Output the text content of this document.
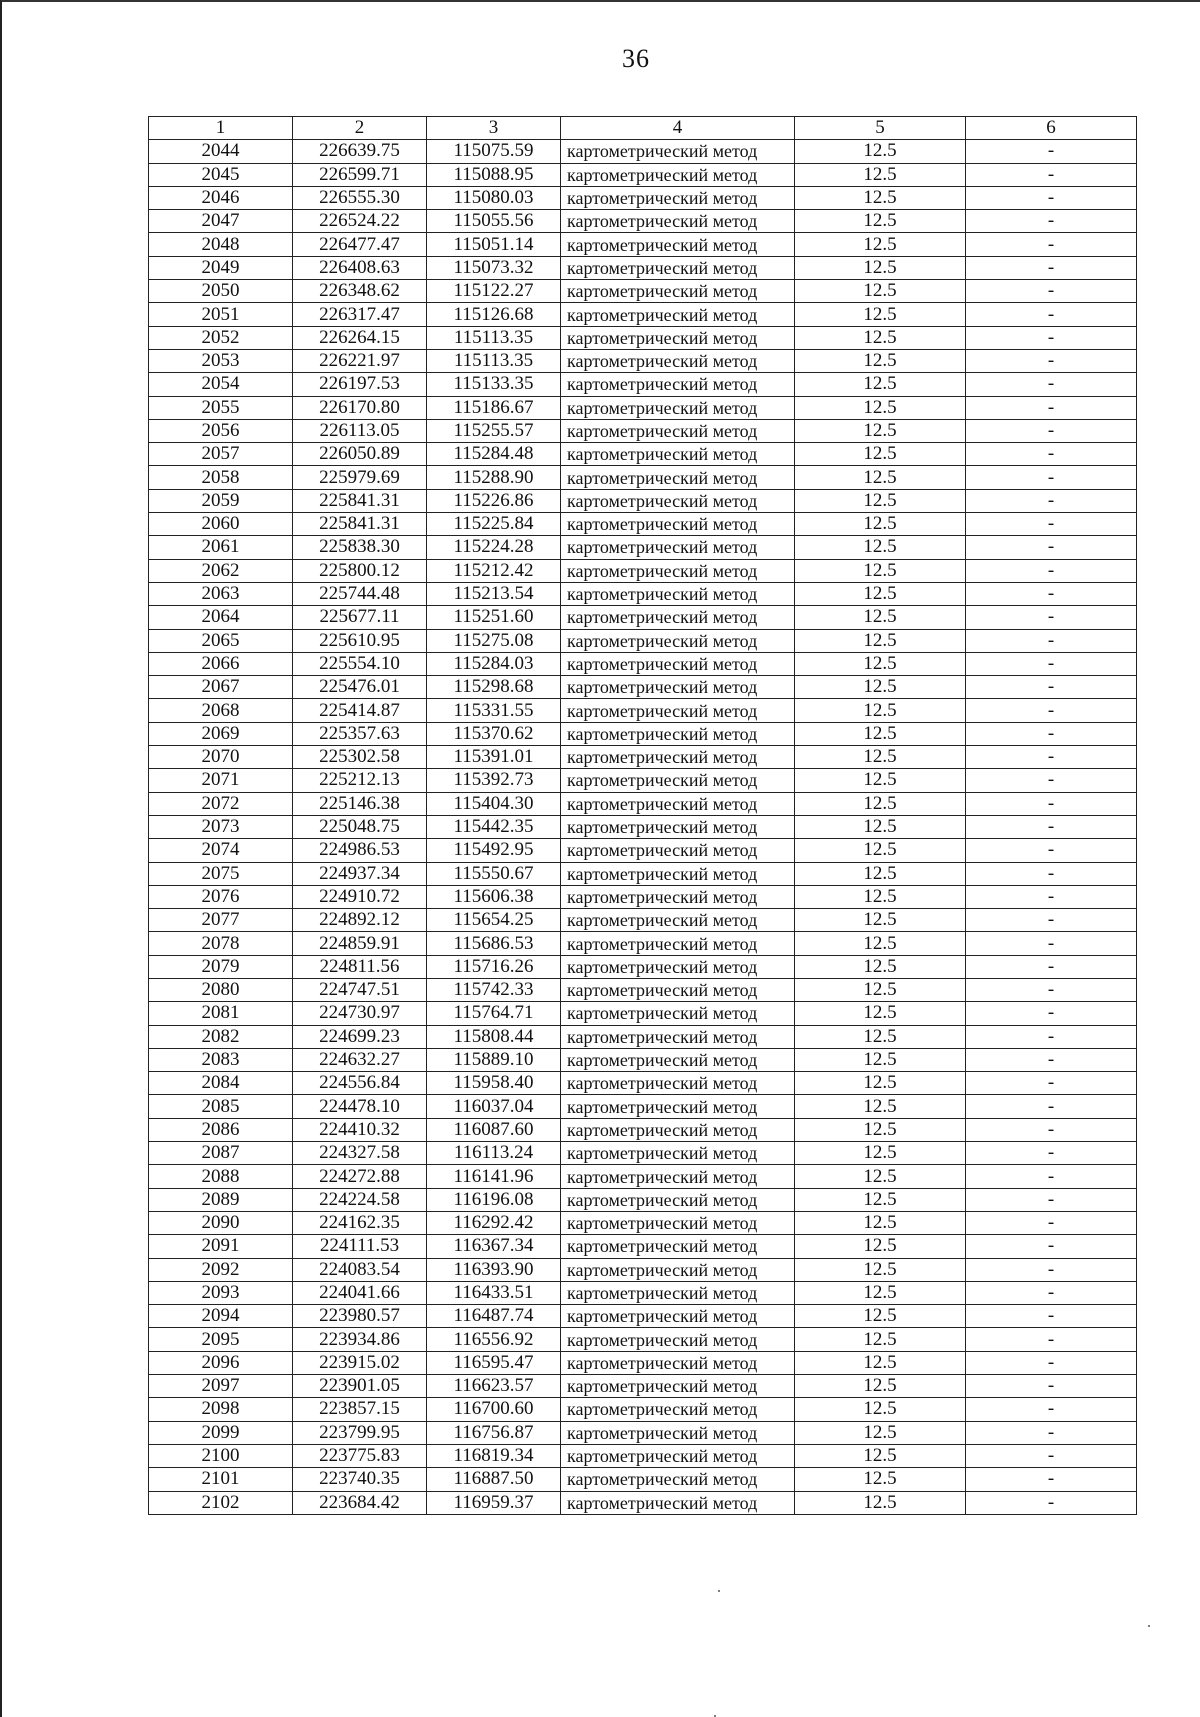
36
1	2	3	4	5	6
2044	226639.75	115075.59	картометрический метод	12.5	-
2045	226599.71	115088.95	картометрический метод	12.5	-
2046	226555.30	115080.03	картометрический метод	12.5	-
2047	226524.22	115055.56	картометрический метод	12.5	-
2048	226477.47	115051.14	картометрический метод	12.5	-
2049	226408.63	115073.32	картометрический метод	12.5	-
2050	226348.62	115122.27	картометрический метод	12.5	-
2051	226317.47	115126.68	картометрический метод	12.5	-
2052	226264.15	115113.35	картометрический метод	12.5	-
2053	226221.97	115113.35	картометрический метод	12.5	-
2054	226197.53	115133.35	картометрический метод	12.5	-
2055	226170.80	115186.67	картометрический метод	12.5	-
2056	226113.05	115255.57	картометрический метод	12.5	-
2057	226050.89	115284.48	картометрический метод	12.5	-
2058	225979.69	115288.90	картометрический метод	12.5	-
2059	225841.31	115226.86	картометрический метод	12.5	-
2060	225841.31	115225.84	картометрический метод	12.5	-
2061	225838.30	115224.28	картометрический метод	12.5	-
2062	225800.12	115212.42	картометрический метод	12.5	-
2063	225744.48	115213.54	картометрический метод	12.5	-
2064	225677.11	115251.60	картометрический метод	12.5	-
2065	225610.95	115275.08	картометрический метод	12.5	-
2066	225554.10	115284.03	картометрический метод	12.5	-
2067	225476.01	115298.68	картометрический метод	12.5	-
2068	225414.87	115331.55	картометрический метод	12.5	-
2069	225357.63	115370.62	картометрический метод	12.5	-
2070	225302.58	115391.01	картометрический метод	12.5	-
2071	225212.13	115392.73	картометрический метод	12.5	-
2072	225146.38	115404.30	картометрический метод	12.5	-
2073	225048.75	115442.35	картометрический метод	12.5	-
2074	224986.53	115492.95	картометрический метод	12.5	-
2075	224937.34	115550.67	картометрический метод	12.5	-
2076	224910.72	115606.38	картометрический метод	12.5	-
2077	224892.12	115654.25	картометрический метод	12.5	-
2078	224859.91	115686.53	картометрический метод	12.5	-
2079	224811.56	115716.26	картометрический метод	12.5	-
2080	224747.51	115742.33	картометрический метод	12.5	-
2081	224730.97	115764.71	картометрический метод	12.5	-
2082	224699.23	115808.44	картометрический метод	12.5	-
2083	224632.27	115889.10	картометрический метод	12.5	-
2084	224556.84	115958.40	картометрический метод	12.5	-
2085	224478.10	116037.04	картометрический метод	12.5	-
2086	224410.32	116087.60	картометрический метод	12.5	-
2087	224327.58	116113.24	картометрический метод	12.5	-
2088	224272.88	116141.96	картометрический метод	12.5	-
2089	224224.58	116196.08	картометрический метод	12.5	-
2090	224162.35	116292.42	картометрический метод	12.5	-
2091	224111.53	116367.34	картометрический метод	12.5	-
2092	224083.54	116393.90	картометрический метод	12.5	-
2093	224041.66	116433.51	картометрический метод	12.5	-
2094	223980.57	116487.74	картометрический метод	12.5	-
2095	223934.86	116556.92	картометрический метод	12.5	-
2096	223915.02	116595.47	картометрический метод	12.5	-
2097	223901.05	116623.57	картометрический метод	12.5	-
2098	223857.15	116700.60	картометрический метод	12.5	-
2099	223799.95	116756.87	картометрический метод	12.5	-
2100	223775.83	116819.34	картометрический метод	12.5	-
2101	223740.35	116887.50	картометрический метод	12.5	-
2102	223684.42	116959.37	картометрический метод	12.5	-
